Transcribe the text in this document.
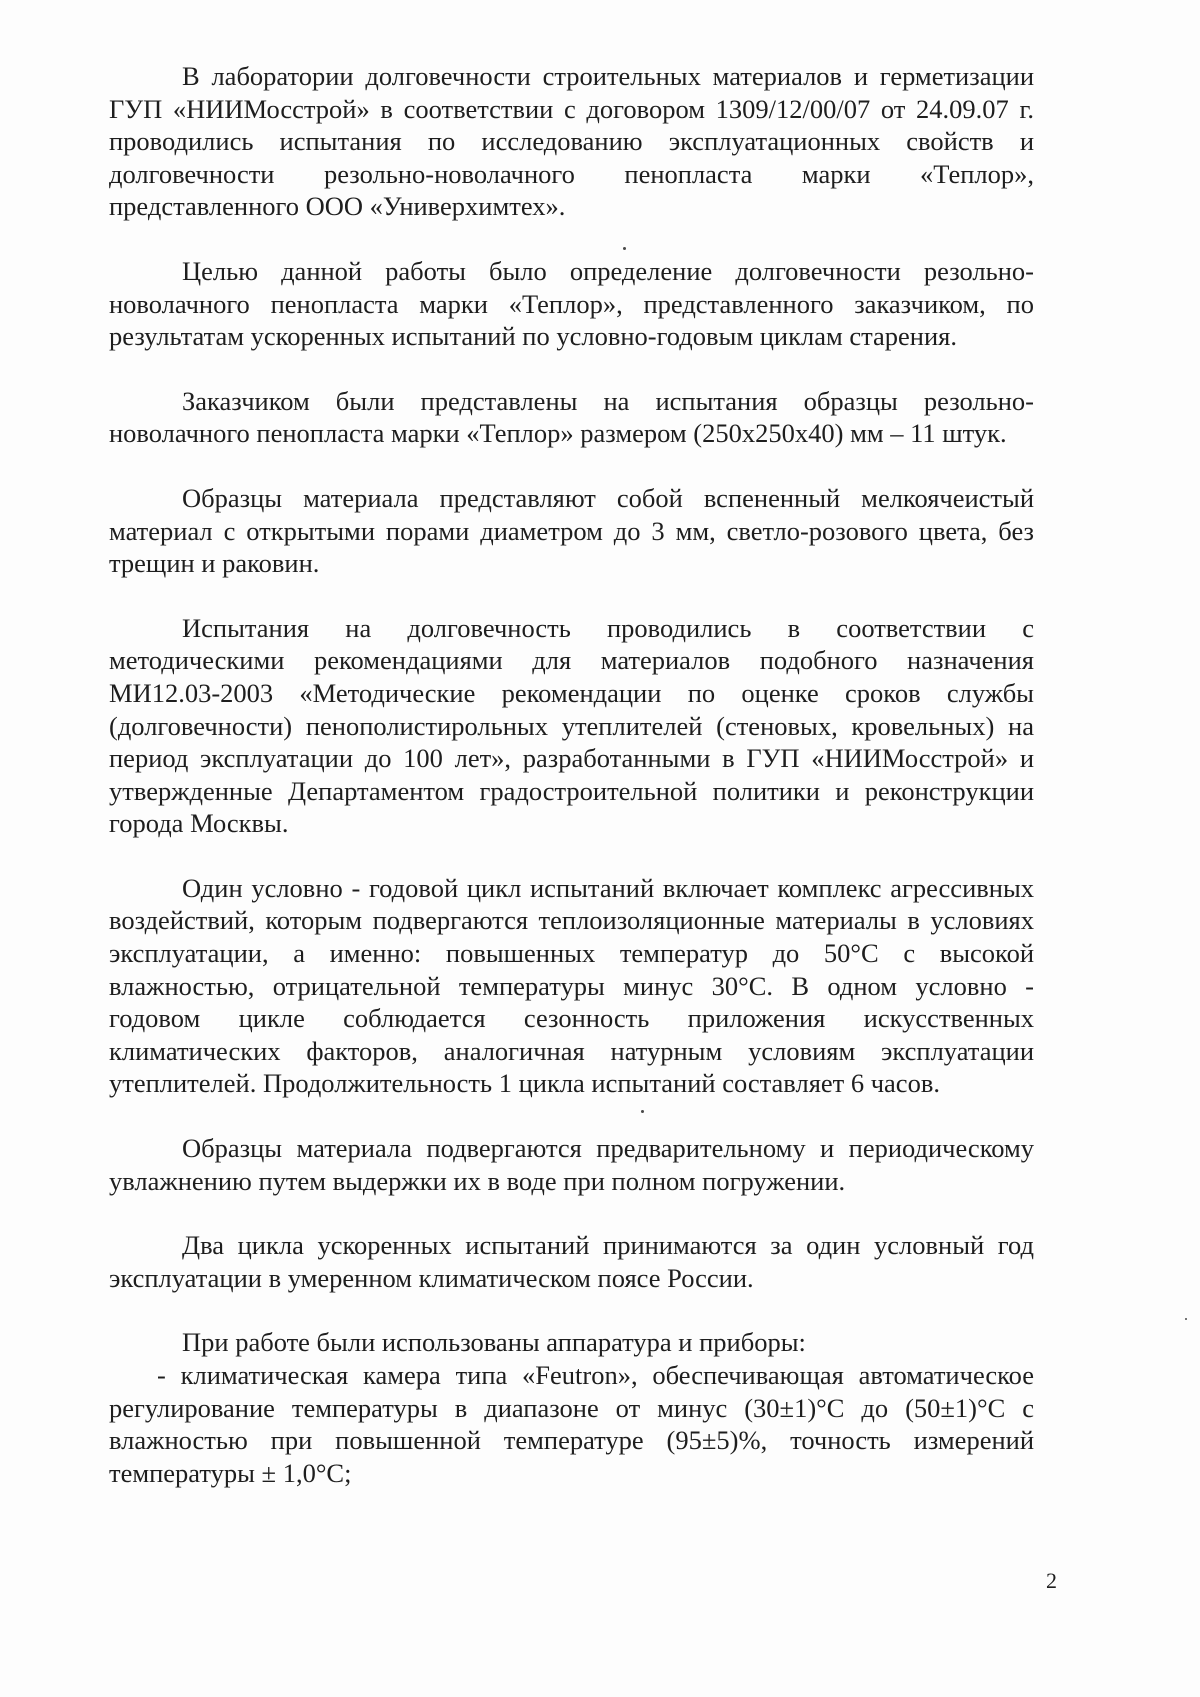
В лаборатории долговечности строительных материалов и герметизации ГУП «НИИМосстрой» в соответствии с договором 1309/12/00/07 от 24.09.07 г. проводились испытания по исследованию эксплуатационных свойств и долговечности резольно-новолачного пенопласта марки «Теплор», представленного ООО «Универхимтех».

Целью данной работы было определение долговечности резольно-новолачного пенопласта марки «Теплор», представленного заказчиком, по результатам ускоренных испытаний по условно-годовым циклам старения.

Заказчиком были представлены на испытания образцы резольно-новолачного пенопласта марки «Теплор» размером (250х250х40) мм – 11 штук.

Образцы материала представляют собой вспененный мелкоячеистый материал с открытыми порами диаметром до 3 мм, светло-розового цвета, без трещин и раковин.

Испытания на долговечность проводились в соответствии с методическими рекомендациями для материалов подобного назначения МИ12.03-2003 «Методические рекомендации по оценке сроков службы (долговечности) пенополистирольных утеплителей (стеновых, кровельных) на период эксплуатации до 100 лет», разработанными в ГУП «НИИМосстрой» и утвержденные Департаментом градостроительной политики и реконструкции города Москвы.

Один условно - годовой цикл испытаний включает комплекс агрессивных воздействий, которым подвергаются теплоизоляционные материалы в условиях эксплуатации, а именно: повышенных температур до 50°С с высокой влажностью, отрицательной температуры минус 30°С. В одном условно - годовом цикле соблюдается сезонность приложения искусственных климатических факторов, аналогичная натурным условиям эксплуатации утеплителей. Продолжительность 1 цикла испытаний составляет 6 часов.

Образцы материала подвергаются предварительному и периодическому увлажнению путем выдержки их в воде при полном погружении.

Два цикла ускоренных испытаний принимаются за один условный год эксплуатации в умеренном климатическом поясе России.

При работе были использованы аппаратура и приборы:

- климатическая камера типа «Feutron», обеспечивающая автоматическое регулирование температуры в диапазоне от минус (30±1)°С до (50±1)°С с влажностью при повышенной температуре (95±5)%, точность измерений температуры ± 1,0°С;

2
